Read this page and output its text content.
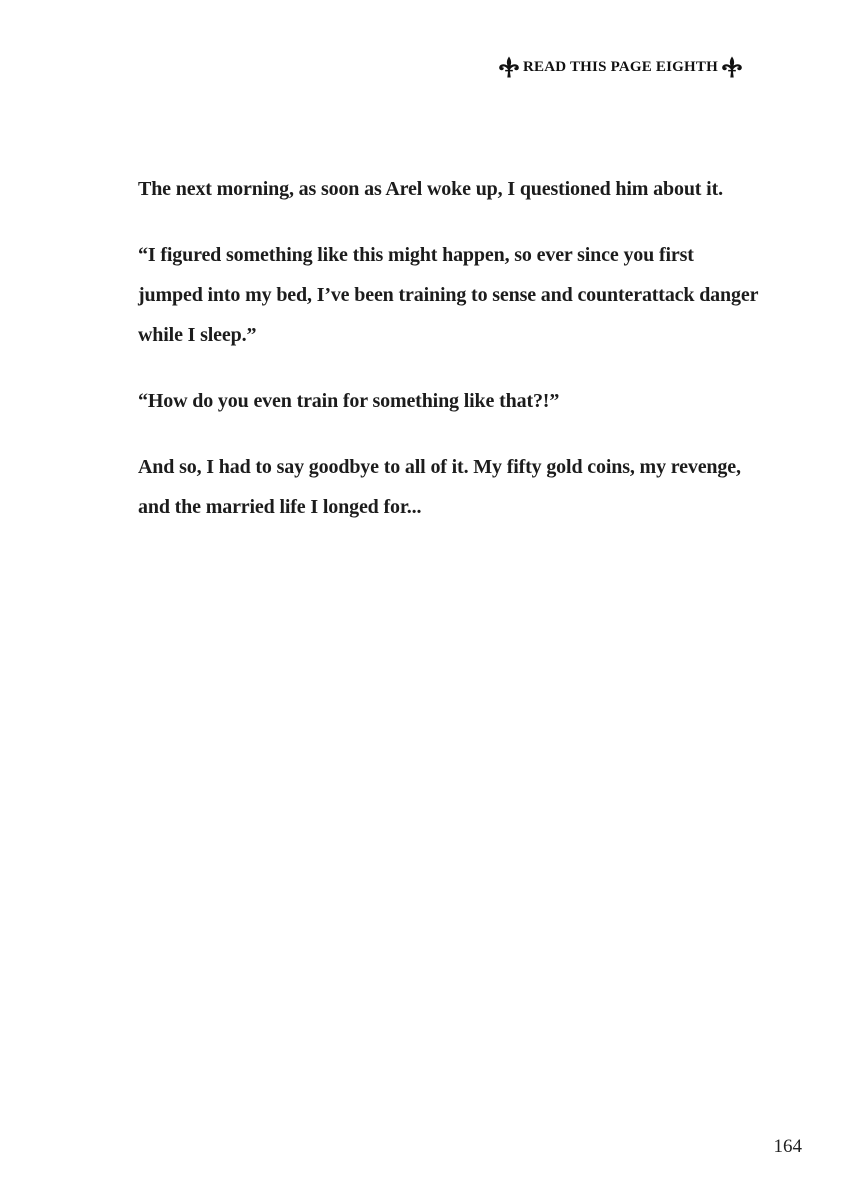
READ THIS PAGE EIGHTH

The next morning, as soon as Arel woke up, I questioned him about it.

“I figured something like this might happen, so ever since you first jumped into my bed, I’ve been training to sense and counterattack danger while I sleep.”

“How do you even train for something like that?!”

And so, I had to say goodbye to all of it. My fifty gold coins, my revenge, and the married life I longed for...

164
